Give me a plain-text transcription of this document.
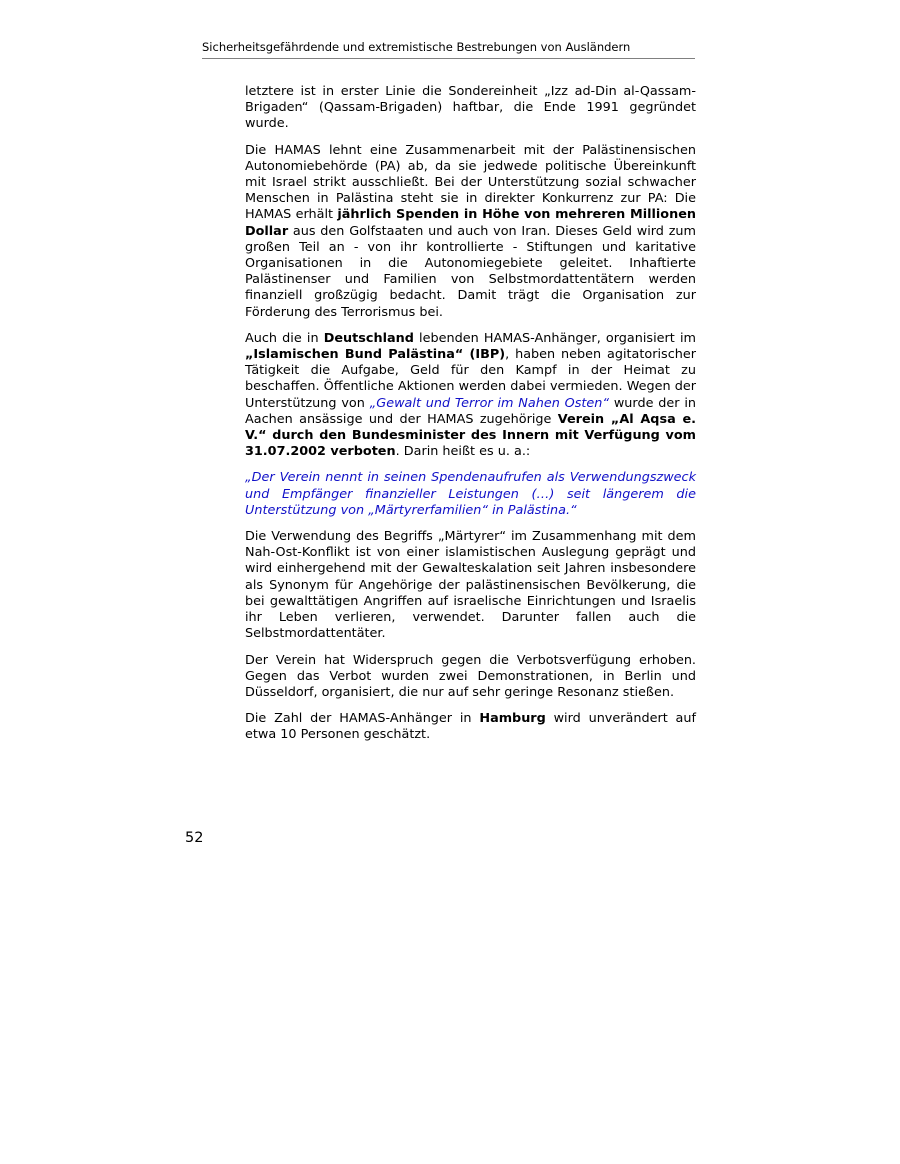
Sicherheitsgefährdende und extremistische Bestrebungen von Ausländern

letztere ist in erster Linie die Sondereinheit „Izz ad-Din al-Qassam-Brigaden“ (Qassam-Brigaden) haftbar, die Ende 1991 gegründet wurde.

Die HAMAS lehnt eine Zusammenarbeit mit der Palästinensischen Autonomiebehörde (PA) ab, da sie jedwede politische Übereinkunft mit Israel strikt ausschließt. Bei der Unterstützung sozial schwacher Menschen in Palästina steht sie in direkter Konkurrenz zur PA: Die HAMAS erhält jährlich Spenden in Höhe von mehreren Millionen Dollar aus den Golfstaaten und auch von Iran. Dieses Geld wird zum großen Teil an - von ihr kontrollierte - Stiftungen und karitative Organisationen in die Autonomiegebiete geleitet. Inhaftierte Palästinenser und Familien von Selbstmordattentätern werden finanziell großzügig bedacht. Damit trägt die Organisation zur Förderung des Terrorismus bei.

Auch die in Deutschland lebenden HAMAS-Anhänger, organisiert im „Islamischen Bund Palästina“ (IBP), haben neben agitatorischer Tätigkeit die Aufgabe, Geld für den Kampf in der Heimat zu beschaffen. Öffentliche Aktionen werden dabei vermieden. Wegen der Unterstützung von „Gewalt und Terror im Nahen Osten“ wurde der in Aachen ansässige und der HAMAS zugehörige Verein „Al Aqsa e. V.“ durch den Bundesminister des Innern mit Verfügung vom 31.07.2002 verboten. Darin heißt es u. a.:

„Der Verein nennt in seinen Spendenaufrufen als Verwendungszweck und Empfänger finanzieller Leistungen (…) seit längerem die Unterstützung von „Märtyrerfamilien“ in Palästina.“

Die Verwendung des Begriffs „Märtyrer“ im Zusammenhang mit dem Nah-Ost-Konflikt ist von einer islamistischen Auslegung geprägt und wird einhergehend mit der Gewalteskalation seit Jahren insbesondere als Synonym für Angehörige der palästinensischen Bevölkerung, die bei gewalttätigen Angriffen auf israelische Einrichtungen und Israelis ihr Leben verlieren, verwendet. Darunter fallen auch die Selbstmordattentäter.

Der Verein hat Widerspruch gegen die Verbotsverfügung erhoben. Gegen das Verbot wurden zwei Demonstrationen, in Berlin und Düsseldorf, organisiert, die nur auf sehr geringe Resonanz stießen.

Die Zahl der HAMAS-Anhänger in Hamburg wird unverändert auf etwa 10 Personen geschätzt.

52
